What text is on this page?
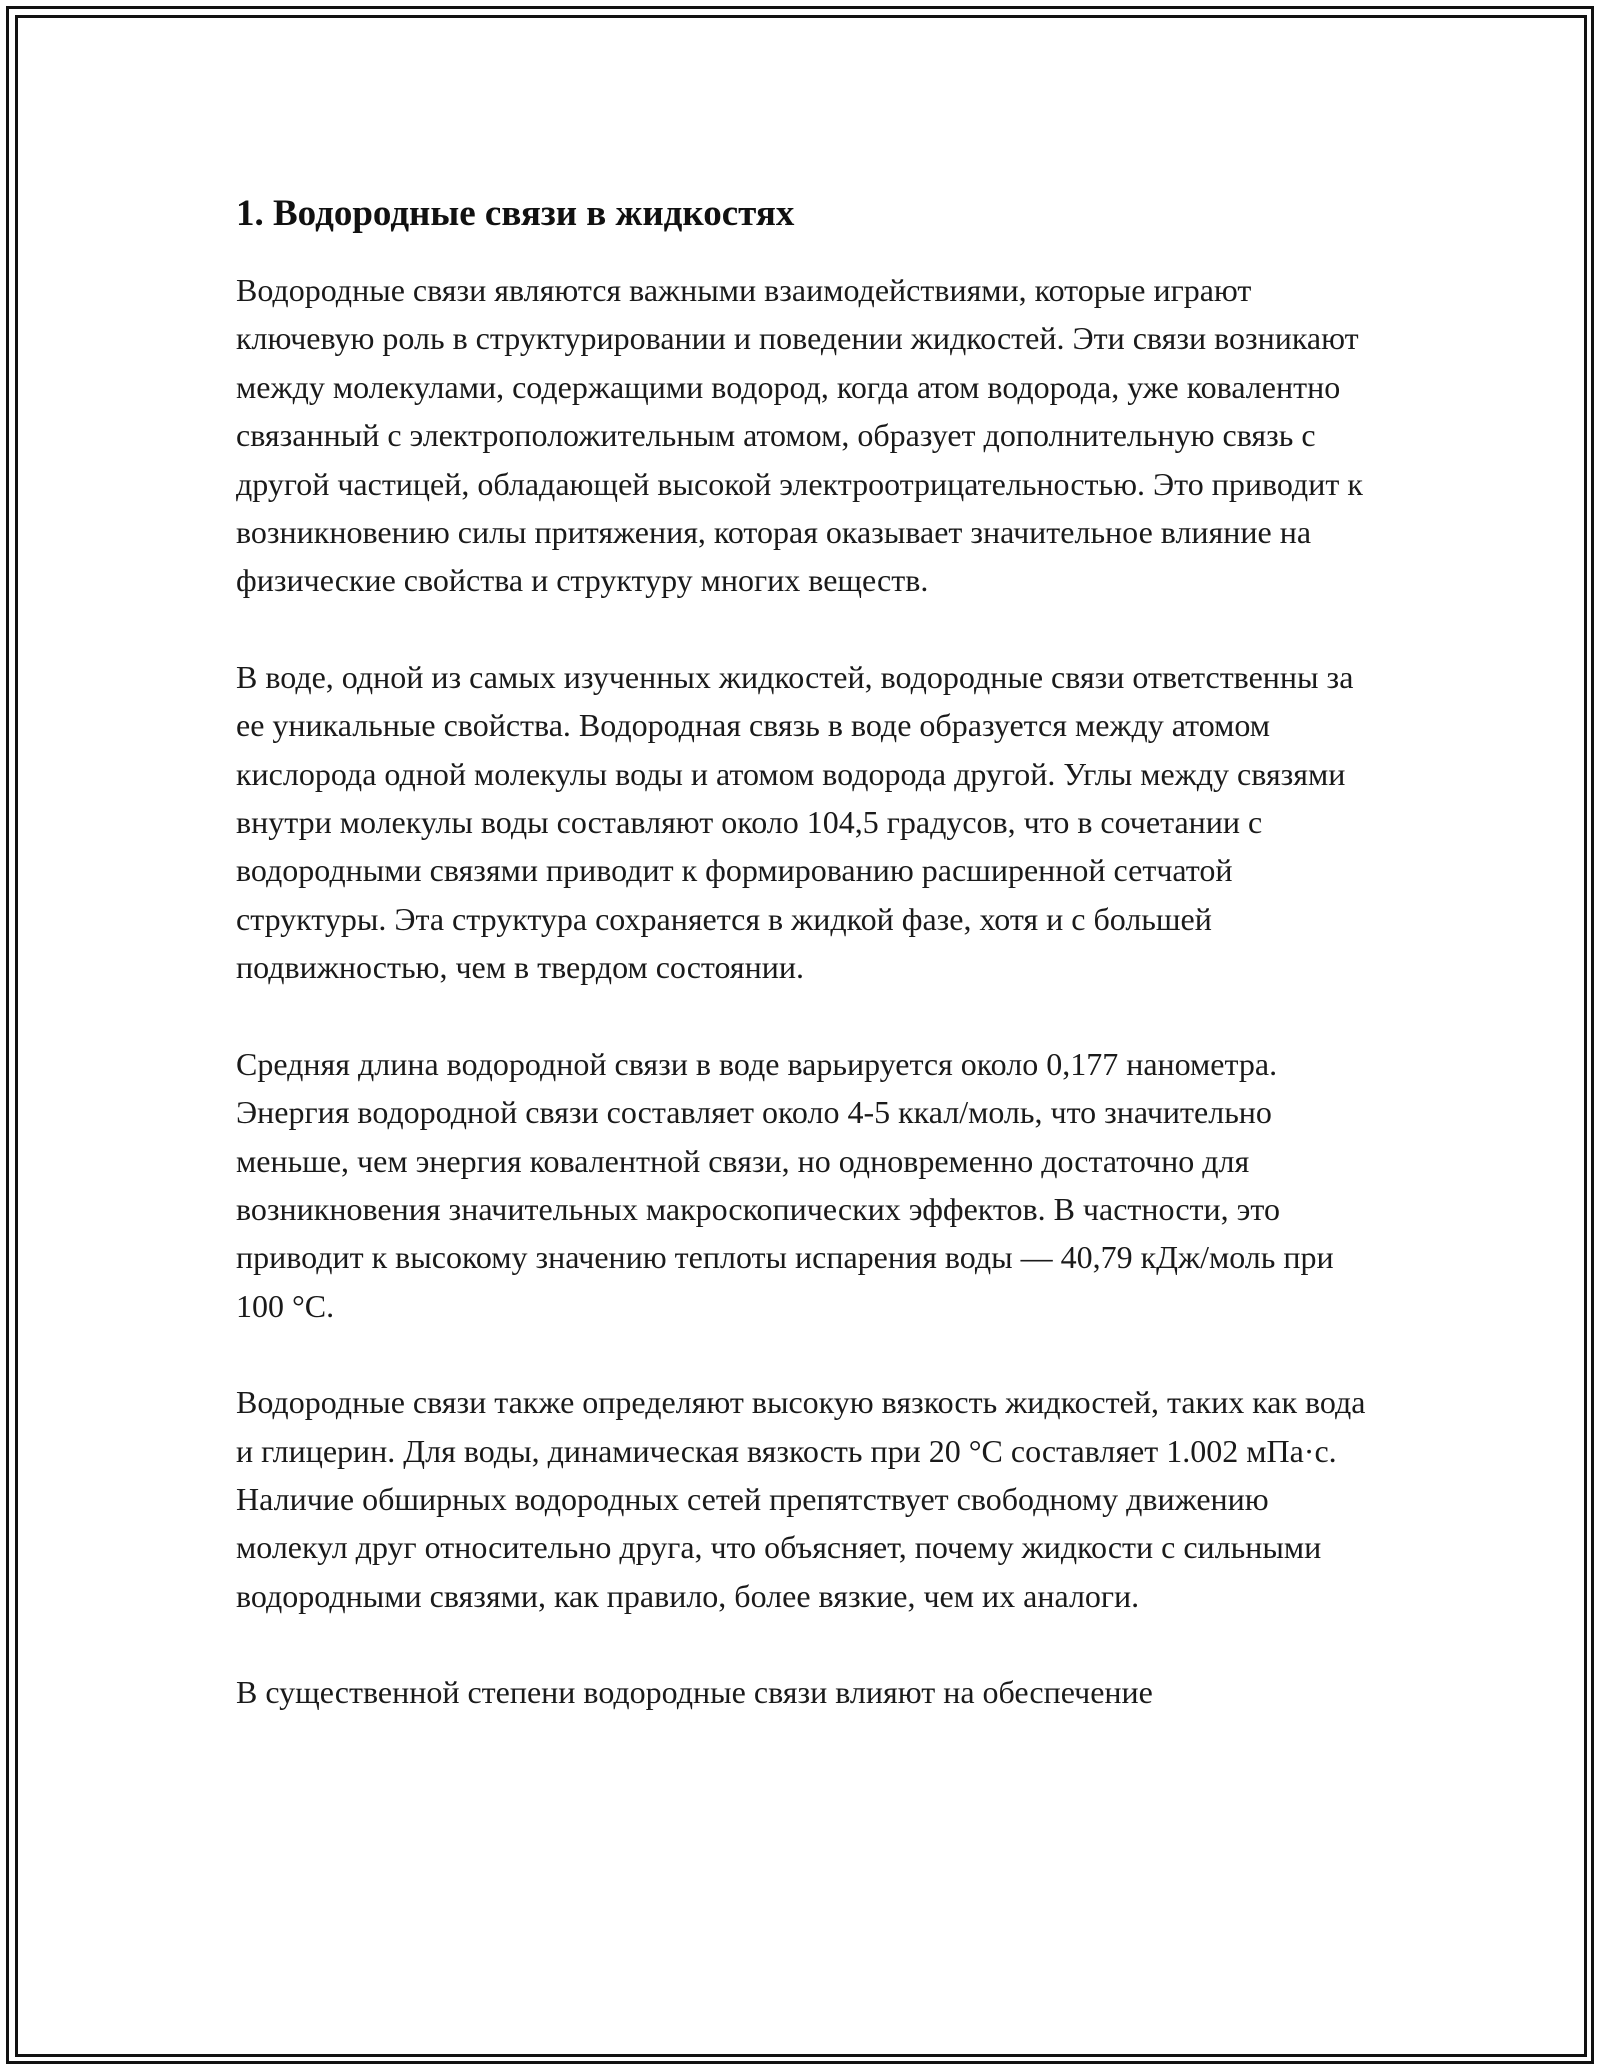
1. Водородные связи в жидкостях

Водородные связи являются важными взаимодействиями, которые играют ключевую роль в структурировании и поведении жидкостей. Эти связи возникают между молекулами, содержащими водород, когда атом водорода, уже ковалентно связанный с электроположительным атомом, образует дополнительную связь с другой частицей, обладающей высокой электроотрицательностью. Это приводит к возникновению силы притяжения, которая оказывает значительное влияние на физические свойства и структуру многих веществ.

В воде, одной из самых изученных жидкостей, водородные связи ответственны за ее уникальные свойства. Водородная связь в воде образуется между атомом кислорода одной молекулы воды и атомом водорода другой. Углы между связями внутри молекулы воды составляют около 104,5 градусов, что в сочетании с водородными связями приводит к формированию расширенной сетчатой структуры. Эта структура сохраняется в жидкой фазе, хотя и с большей подвижностью, чем в твердом состоянии.

Средняя длина водородной связи в воде варьируется около 0,177 нанометра. Энергия водородной связи составляет около 4-5 ккал/моль, что значительно меньше, чем энергия ковалентной связи, но одновременно достаточно для возникновения значительных макроскопических эффектов. В частности, это приводит к высокому значению теплоты испарения воды — 40,79 кДж/моль при 100 °C.

Водородные связи также определяют высокую вязкость жидкостей, таких как вода и глицерин. Для воды, динамическая вязкость при 20 °C составляет 1.002 мПа·с. Наличие обширных водородных сетей препятствует свободному движению молекул друг относительно друга, что объясняет, почему жидкости с сильными водородными связями, как правило, более вязкие, чем их аналоги.

В существенной степени водородные связи влияют на обеспечение
